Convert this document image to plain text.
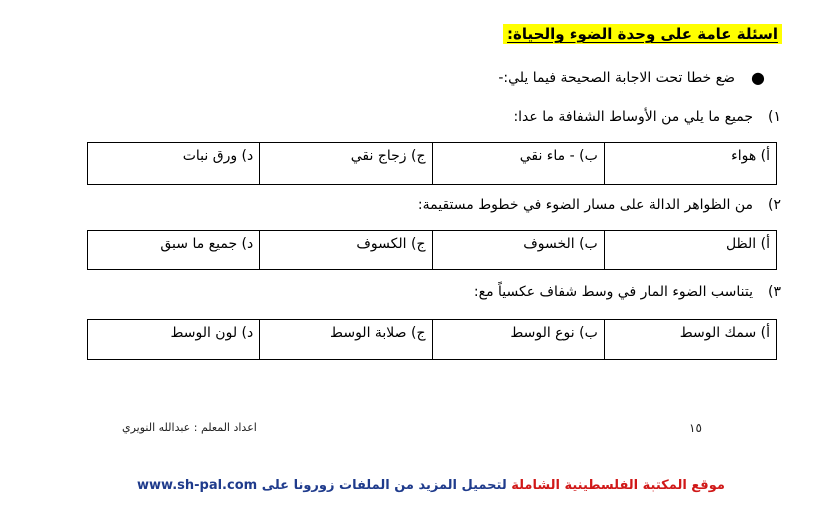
اسئلة عامة على وحدة الضوء والحياة:
●
ضع خطا تحت الاجابة الصحيحة فيما يلي:-
١)
جميع ما يلي من الأوساط الشفافة ما عدا:
أ) هواء	ب) - ماء نقي	ج) زجاج نقي	د) ورق نبات
٢)
من الظواهر الدالة على مسار الضوء في خطوط مستقيمة:
أ) الظل	ب) الخسوف	ج) الكسوف	د) جميع ما سبق
٣)
يتناسب الضوء المار في وسط شفاف عكسياً مع:
أ) سمك الوسط	ب) نوع الوسط	ج) صلابة الوسط	د) لون الوسط
اعداد المعلم : عبدالله النويري	١٥
www.sh-pal.com	موقع المكتبة الفلسطينية الشاملة لتحميل المزيد من الملفات زورونا على
